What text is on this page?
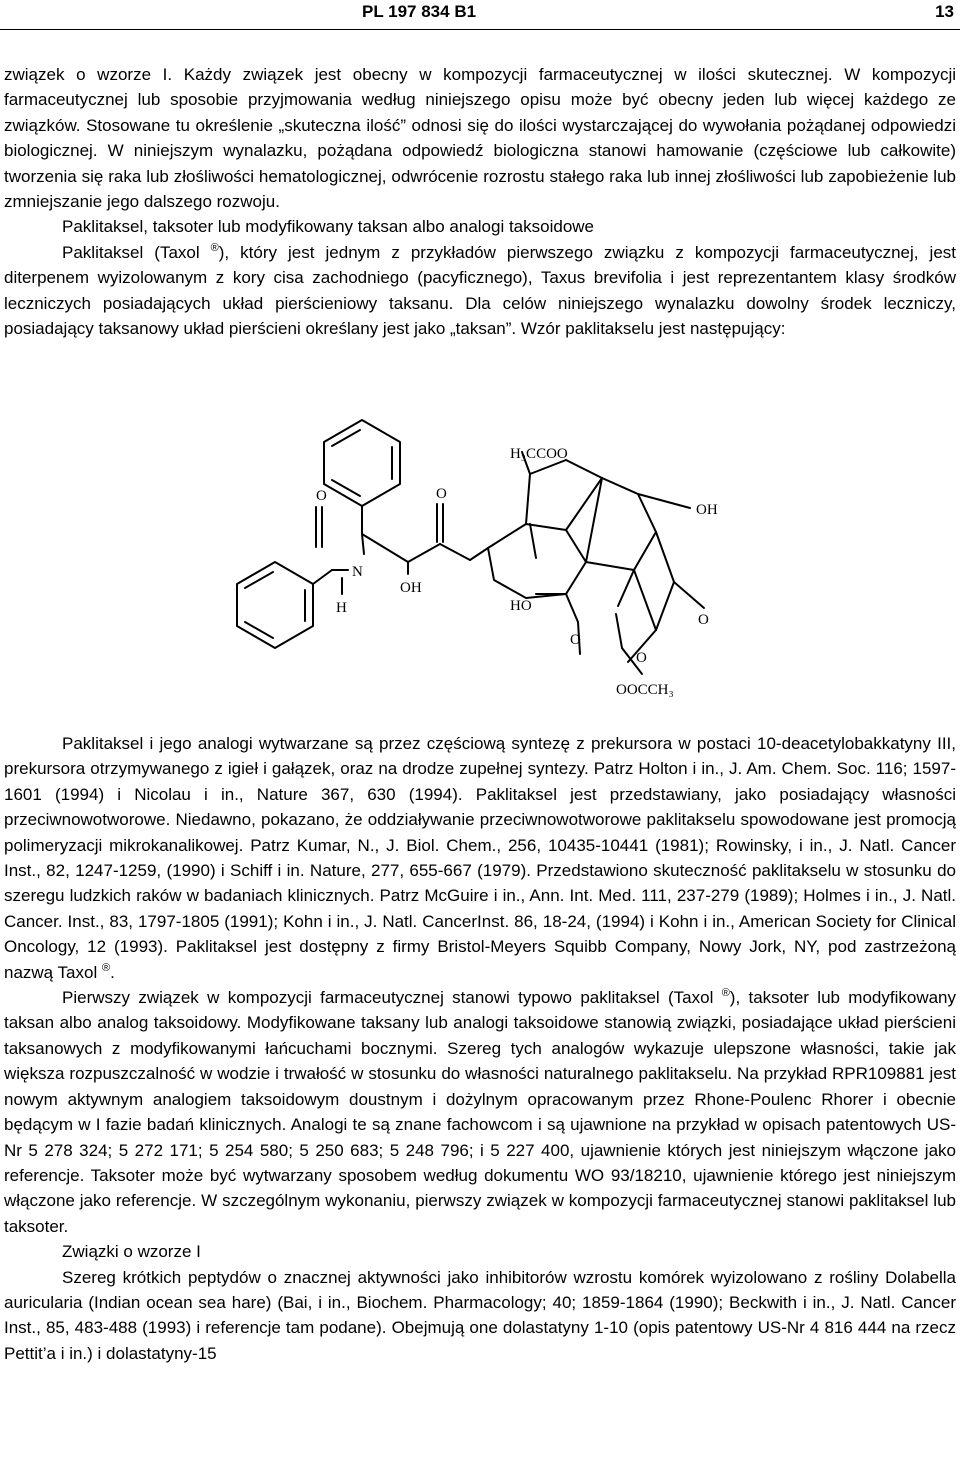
PL 197 834 B1	13

związek o wzorze I. Każdy związek jest obecny w kompozycji farmaceutycznej w ilości skutecznej. W kompozycji farmaceutycznej lub sposobie przyjmowania według niniejszego opisu może być obecny jeden lub więcej każdego ze związków. Stosowane tu określenie „skuteczna ilość” odnosi się do ilości wystarczającej do wywołania pożądanej odpowiedzi biologicznej. W niniejszym wynalazku, pożądana odpowiedź biologiczna stanowi hamowanie (częściowe lub całkowite) tworzenia się raka lub złośliwości hematologicznej, odwrócenie rozrostu stałego raka lub innej złośliwości lub zapobieżenie lub zmniejszanie jego dalszego rozwoju.

Paklitaksel, taksoter lub modyfikowany taksan albo analogi taksoidowe

Paklitaksel (Taxol ®), który jest jednym z przykładów pierwszego związku z kompozycji farmaceutycznej, jest diterpenem wyizolowanym z kory cisa zachodniego (pacyficznego), Taxus brevifolia i jest reprezentantem klasy środków leczniczych posiadających układ pierścieniowy taksanu. Dla celów niniejszego wynalazku dowolny środek leczniczy, posiadający taksanowy układ pierścieni określany jest jako „taksan”. Wzór paklitakselu jest następujący:

O
N
H
OH
O
H₃CCOO
OH
HO
O
O
O
OOCCH₃

Paklitaksel i jego analogi wytwarzane są przez częściową syntezę z prekursora w postaci 10-deacetylobakkatyny III, prekursora otrzymywanego z igieł i gałązek, oraz na drodze zupełnej syntezy. Patrz Holton i in., J. Am. Chem. Soc. 116; 1597-1601 (1994) i Nicolau i in., Nature 367, 630 (1994). Paklitaksel jest przedstawiany, jako posiadający własności przeciwnowotworowe. Niedawno, pokazano, że oddziaływanie przeciwnowotworowe paklitakselu spowodowane jest promocją polimeryzacji mikrokanalikowej. Patrz Kumar, N., J. Biol. Chem., 256, 10435-10441 (1981); Rowinsky, i in., J. Natl. Cancer Inst., 82, 1247-1259, (1990) i Schiff i in. Nature, 277, 655-667 (1979). Przedstawiono skuteczność paklitakselu w stosunku do szeregu ludzkich raków w badaniach klinicznych. Patrz McGuire i in., Ann. Int. Med. 111, 237-279 (1989); Holmes i in., J. Natl. Cancer. Inst., 83, 1797-1805 (1991); Kohn i in., J. Natl. CancerInst. 86, 18-24, (1994) i Kohn i in., American Society for Clinical Oncology, 12 (1993). Paklitaksel jest dostępny z firmy Bristol-Meyers Squibb Company, Nowy Jork, NY, pod zastrzeżoną nazwą Taxol ®.

Pierwszy związek w kompozycji farmaceutycznej stanowi typowo paklitaksel (Taxol ®), taksoter lub modyfikowany taksan albo analog taksoidowy. Modyfikowane taksany lub analogi taksoidowe stanowią związki, posiadające układ pierścieni taksanowych z modyfikowanymi łańcuchami bocznymi. Szereg tych analogów wykazuje ulepszone własności, takie jak większa rozpuszczalność w wodzie i trwałość w stosunku do własności naturalnego paklitakselu. Na przykład RPR109881 jest nowym aktywnym analogiem taksoidowym doustnym i dożylnym opracowanym przez Rhone-Poulenc Rhorer i obecnie będącym w I fazie badań klinicznych. Analogi te są znane fachowcom i są ujawnione na przykład w opisach patentowych US-Nr 5 278 324; 5 272 171; 5 254 580; 5 250 683; 5 248 796; i 5 227 400, ujawnienie których jest niniejszym włączone jako referencje. Taksoter może być wytwarzany sposobem według dokumentu WO 93/18210, ujawnienie którego jest niniejszym włączone jako referencje. W szczególnym wykonaniu, pierwszy związek w kompozycji farmaceutycznej stanowi paklitaksel lub taksoter.

Związki o wzorze I

Szereg krótkich peptydów o znacznej aktywności jako inhibitorów wzrostu komórek wyizolowano z rośliny Dolabella auricularia (Indian ocean sea hare) (Bai, i in., Biochem. Pharmacology; 40; 1859-1864 (1990); Beckwith i in., J. Natl. Cancer Inst., 85, 483-488 (1993) i referencje tam podane). Obejmują one dolastatyny 1-10 (opis patentowy US-Nr 4 816 444 na rzecz Pettit’a i in.) i dolastatyny-15
